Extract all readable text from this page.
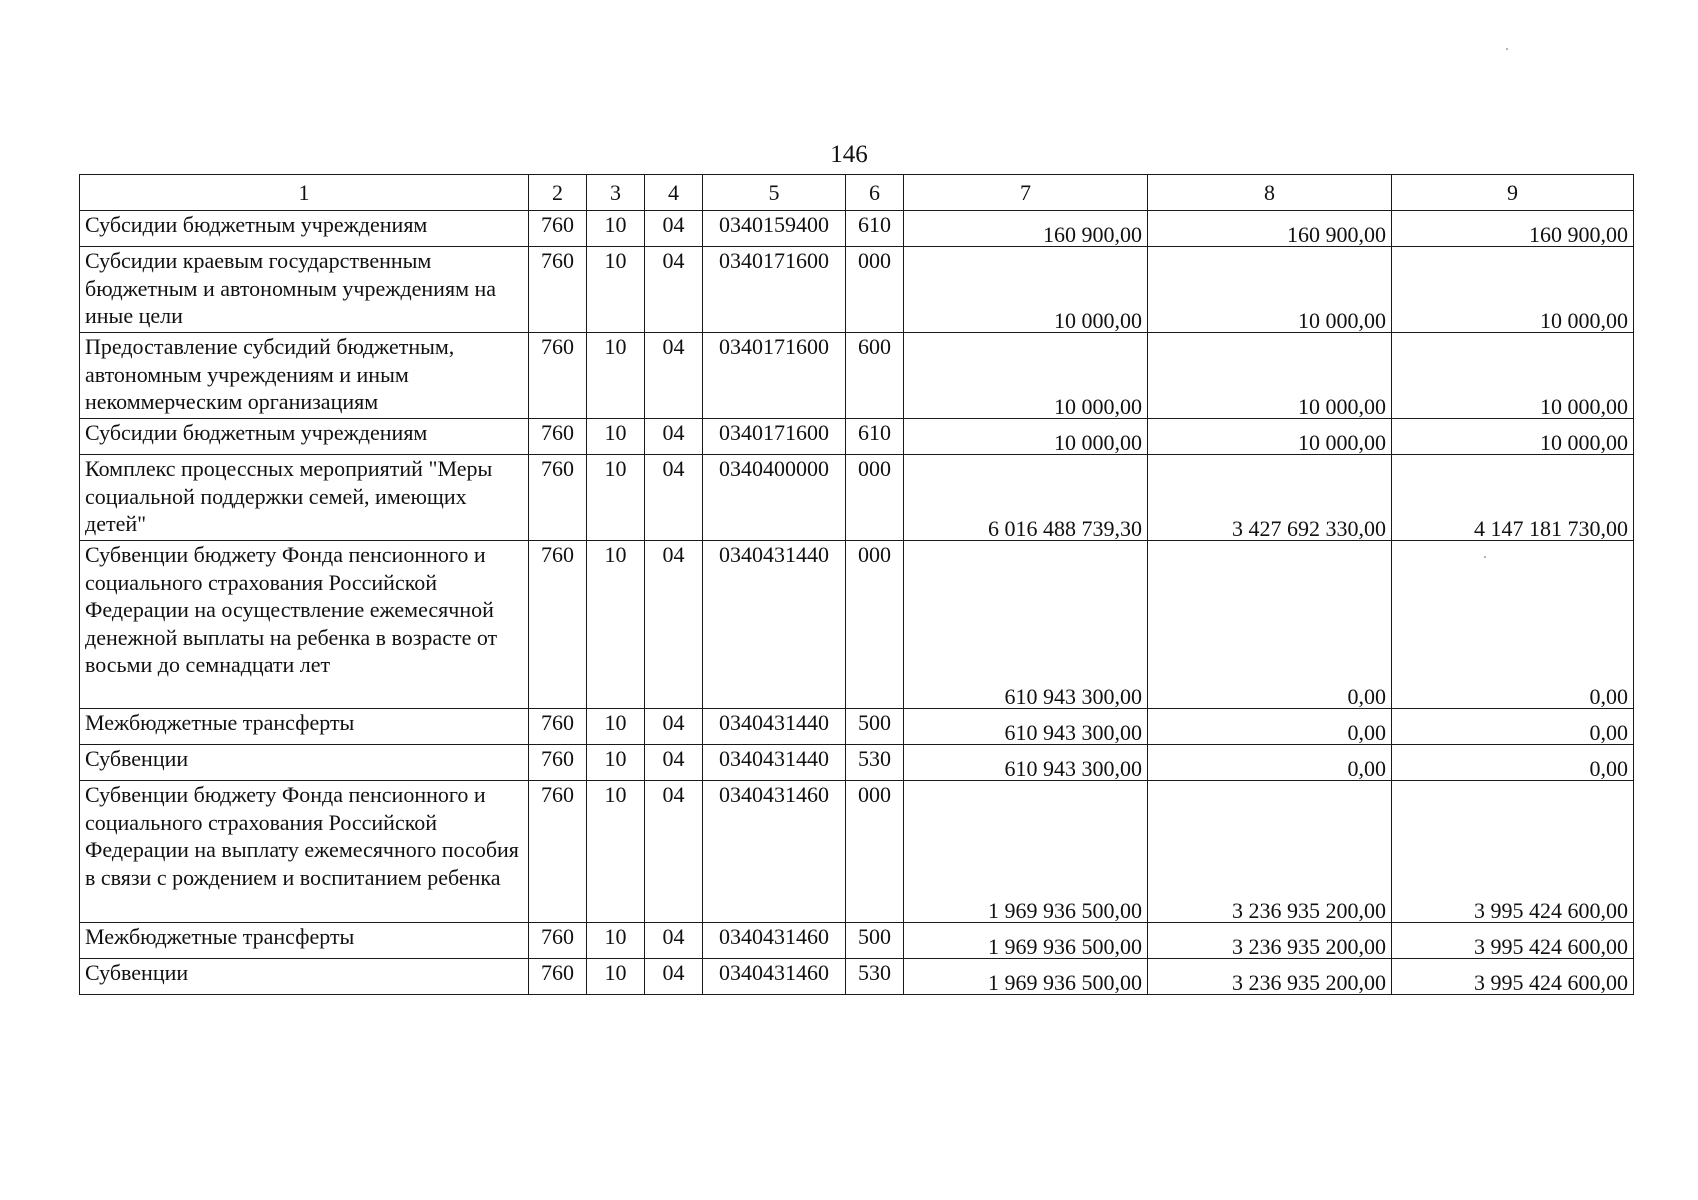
146
1	2	3	4	5	6	7	8	9
Субсидии бюджетным учреждениям	760	10	04	0340159400	610	160 900,00	160 900,00	160 900,00
Субсидии краевым государственным бюджетным и автономным учреждениям на иные цели	760	10	04	0340171600	000	10 000,00	10 000,00	10 000,00
Предоставление субсидий бюджетным, автономным учреждениям и иным некоммерческим организациям	760	10	04	0340171600	600	10 000,00	10 000,00	10 000,00
Субсидии бюджетным учреждениям	760	10	04	0340171600	610	10 000,00	10 000,00	10 000,00
Комплекс процессных мероприятий "Меры социальной поддержки семей, имеющих детей"	760	10	04	0340400000	000	6 016 488 739,30	3 427 692 330,00	4 147 181 730,00
Субвенции бюджету Фонда пенсионного и социального страхования Российской Федерации на осуществление ежемесячной денежной выплаты на ребенка в возрасте от восьми до семнадцати лет	760	10	04	0340431440	000	610 943 300,00	0,00	0,00
Межбюджетные трансферты	760	10	04	0340431440	500	610 943 300,00	0,00	0,00
Субвенции	760	10	04	0340431440	530	610 943 300,00	0,00	0,00
Субвенции бюджету Фонда пенсионного и социального страхования Российской Федерации на выплату ежемесячного пособия в связи с рождением и воспитанием ребенка	760	10	04	0340431460	000	1 969 936 500,00	3 236 935 200,00	3 995 424 600,00
Межбюджетные трансферты	760	10	04	0340431460	500	1 969 936 500,00	3 236 935 200,00	3 995 424 600,00
Субвенции	760	10	04	0340431460	530	1 969 936 500,00	3 236 935 200,00	3 995 424 600,00
